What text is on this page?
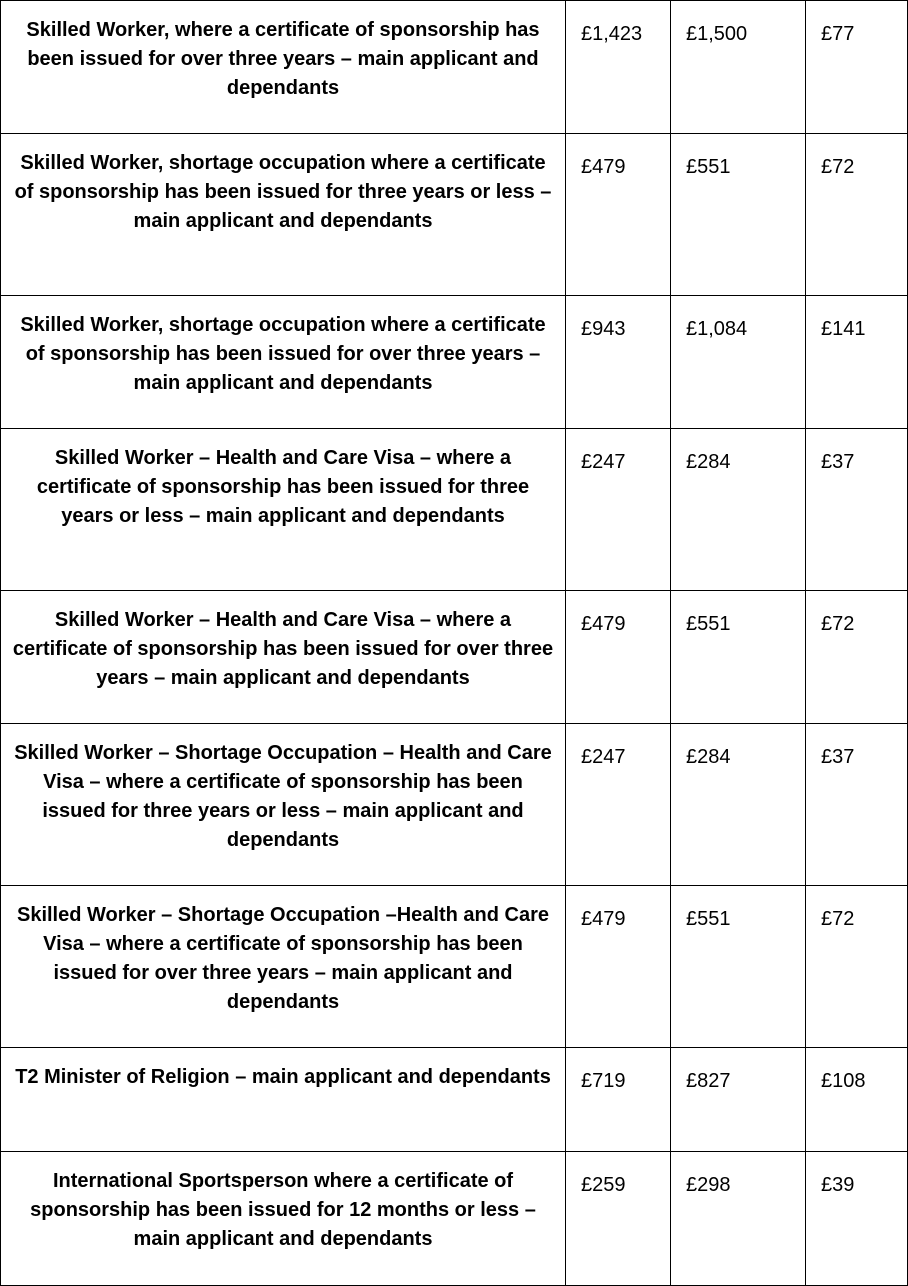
Skilled Worker, where a certificate of sponsorship has been issued for over three years – main applicant and dependants	£1,423	£1,500	£77
Skilled Worker, shortage occupation where a certificate of sponsorship has been issued for three years or less – main applicant and dependants	£479	£551	£72
Skilled Worker, shortage occupation where a certificate of sponsorship has been issued for over three years – main applicant and dependants	£943	£1,084	£141
Skilled Worker – Health and Care Visa – where a certificate of sponsorship has been issued for three years or less – main applicant and dependants	£247	£284	£37
Skilled Worker – Health and Care Visa – where a certificate of sponsorship has been issued for over three years – main applicant and dependants	£479	£551	£72
Skilled Worker – Shortage Occupation – Health and Care Visa – where a certificate of sponsorship has been issued for three years or less – main applicant and dependants	£247	£284	£37
Skilled Worker – Shortage Occupation –Health and Care Visa – where a certificate of sponsorship has been issued for over three years – main applicant and dependants	£479	£551	£72
T2 Minister of Religion – main applicant and dependants	£719	£827	£108
International Sportsperson where a certificate of sponsorship has been issued for 12 months or less – main applicant and dependants	£259	£298	£39
